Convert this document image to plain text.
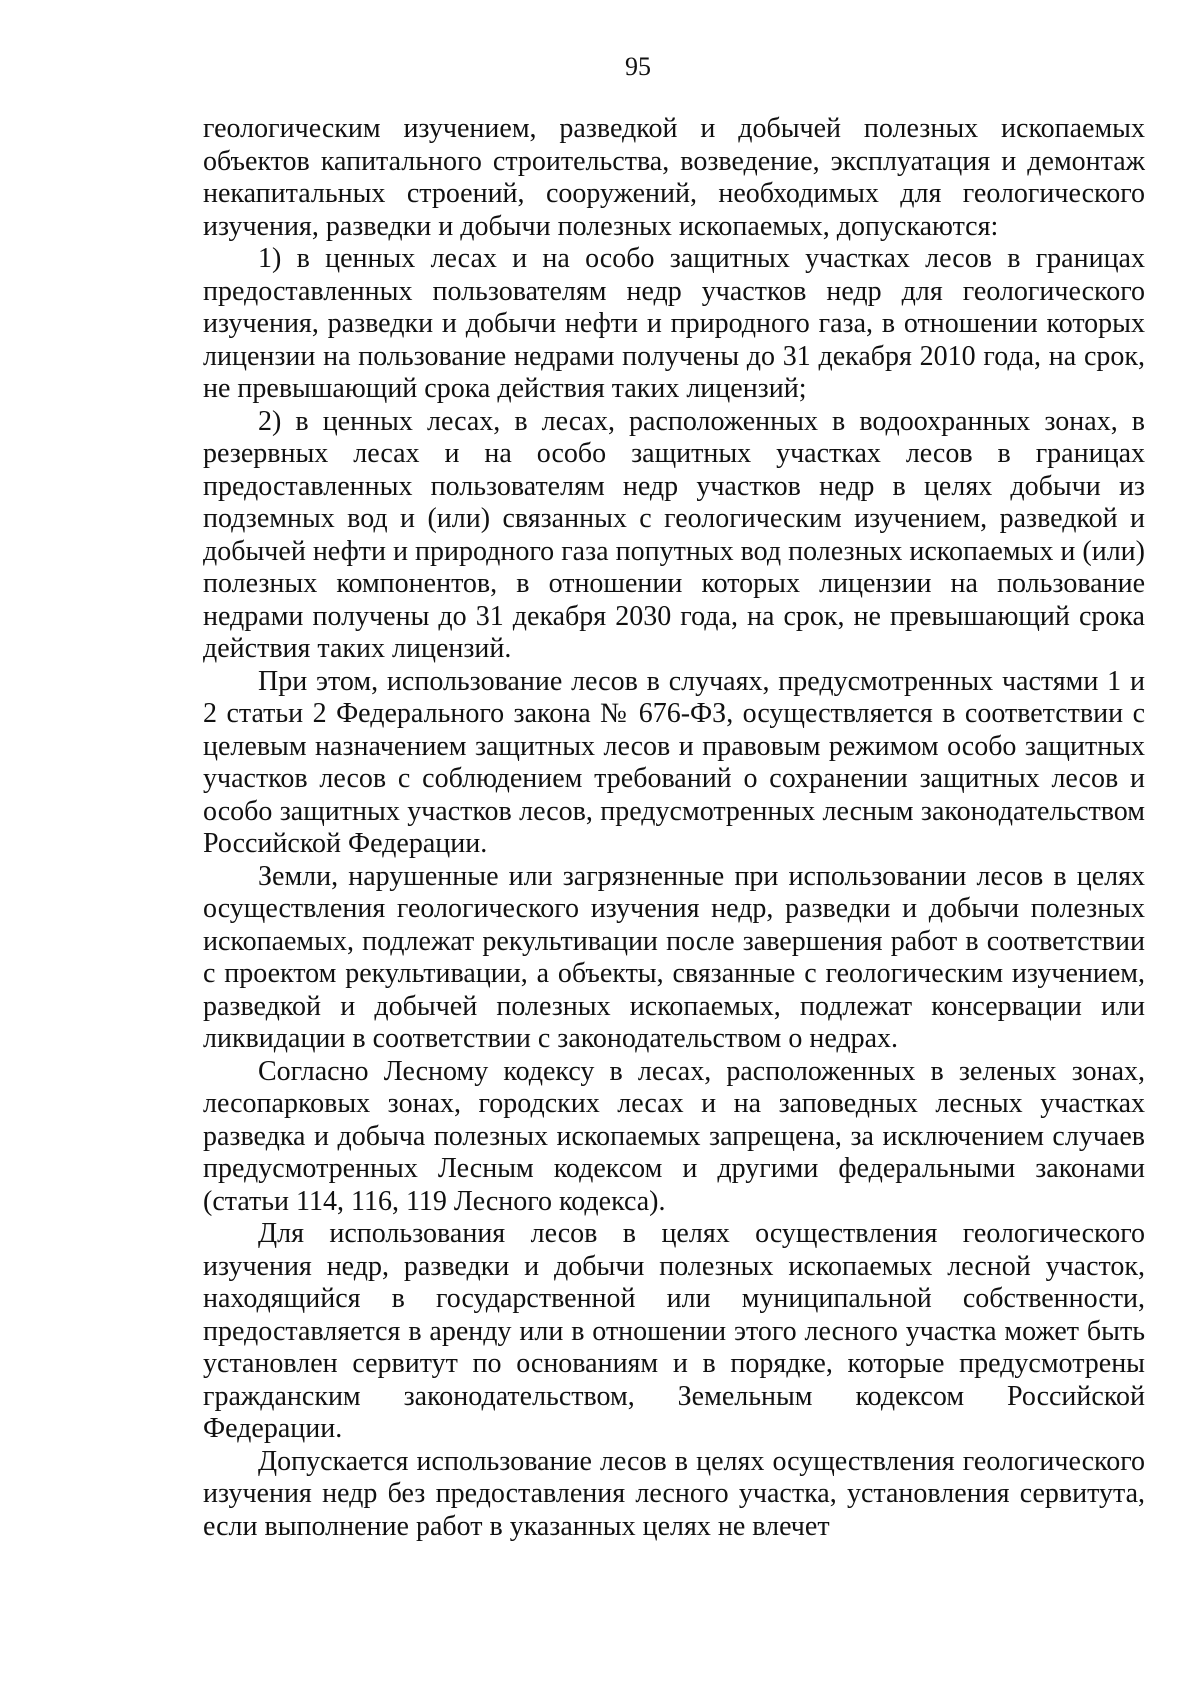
95

геологическим изучением, разведкой и добычей полезных ископаемых объектов капитального строительства, возведение, эксплуатация и демонтаж некапитальных строений, сооружений, необходимых для геологического изучения, разведки и добычи полезных ископаемых, допускаются:

1) в ценных лесах и на особо защитных участках лесов в границах предоставленных пользователям недр участков недр для геологического изучения, разведки и добычи нефти и природного газа, в отношении которых лицензии на пользование недрами получены до 31 декабря 2010 года, на срок, не превышающий срока действия таких лицензий;

2) в ценных лесах, в лесах, расположенных в водоохранных зонах, в резервных лесах и на особо защитных участках лесов в границах предоставленных пользователям недр участков недр в целях добычи из подземных вод и (или) связанных с геологическим изучением, разведкой и добычей нефти и природного газа попутных вод полезных ископаемых и (или) полезных компонентов, в отношении которых лицензии на пользование недрами получены до 31 декабря 2030 года, на срок, не превышающий срока действия таких лицензий.

При этом, использование лесов в случаях, предусмотренных частями 1 и 2 статьи 2 Федерального закона № 676-ФЗ, осуществляется в соответствии с целевым назначением защитных лесов и правовым режимом особо защитных участков лесов с соблюдением требований о сохранении защитных лесов и особо защитных участков лесов, предусмотренных лесным законодательством Российской Федерации.

Земли, нарушенные или загрязненные при использовании лесов в целях осуществления геологического изучения недр, разведки и добычи полезных ископаемых, подлежат рекультивации после завершения работ в соответствии с проектом рекультивации, а объекты, связанные с геологическим изучением, разведкой и добычей полезных ископаемых, подлежат консервации или ликвидации в соответствии с законодательством о недрах.

Согласно Лесному кодексу в лесах, расположенных в зеленых зонах, лесопарковых зонах, городских лесах и на заповедных лесных участках разведка и добыча полезных ископаемых запрещена, за исключением случаев предусмотренных Лесным кодексом и другими федеральными законами (статьи 114, 116, 119 Лесного кодекса).

Для использования лесов в целях осуществления геологического изучения недр, разведки и добычи полезных ископаемых лесной участок, находящийся в государственной или муниципальной собственности, предоставляется в аренду или в отношении этого лесного участка может быть установлен сервитут по основаниям и в порядке, которые предусмотрены гражданским законодательством, Земельным кодексом Российской Федерации.

Допускается использование лесов в целях осуществления геологического изучения недр без предоставления лесного участка, установления сервитута, если выполнение работ в указанных целях не влечет
